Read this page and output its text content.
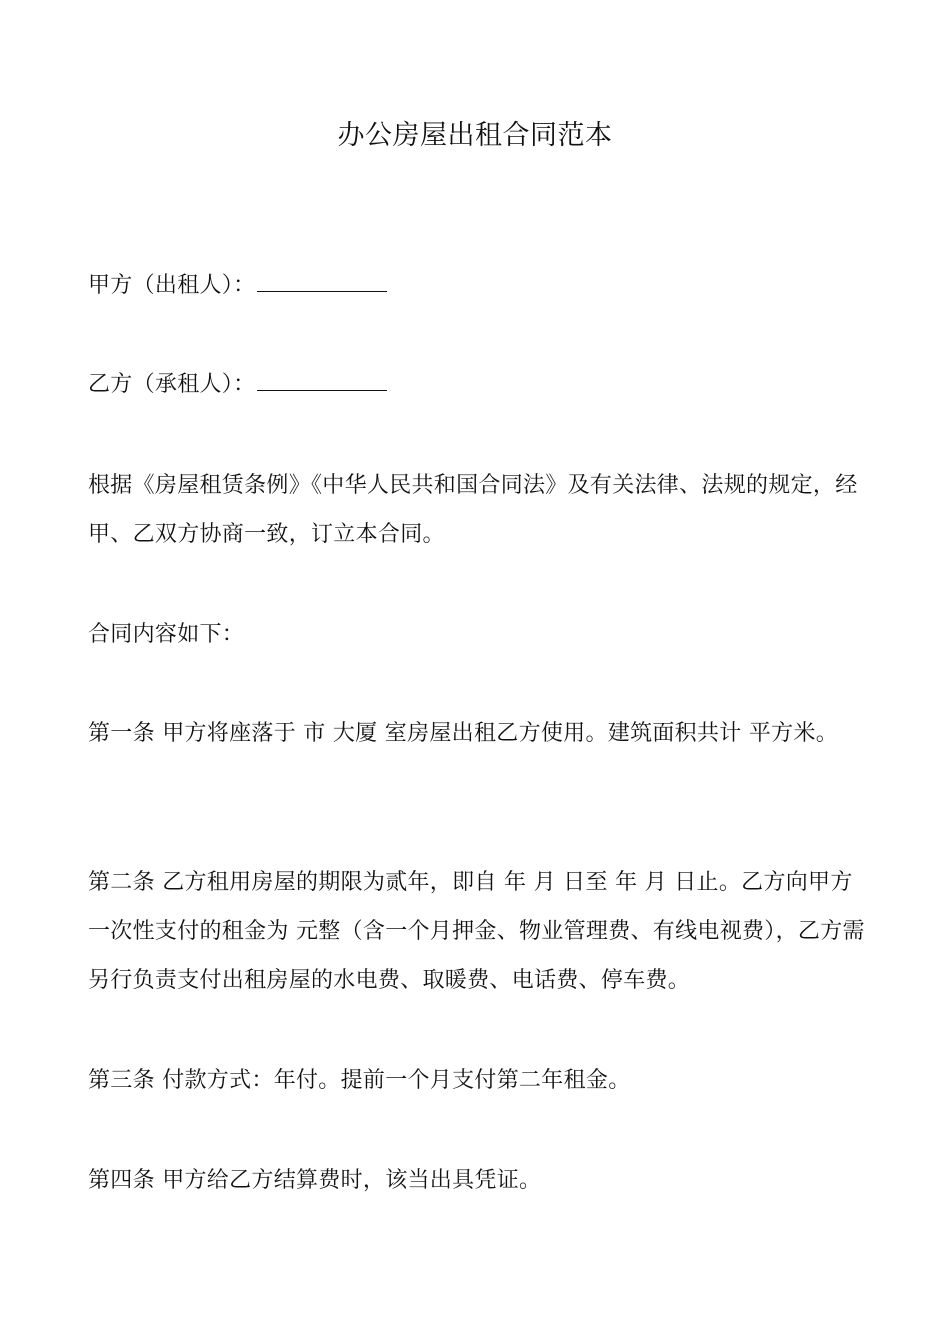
办公房屋出租合同范本
甲方（出租人）：
乙方（承租人）：
根据《房屋租赁条例》《中华人民共和国合同法》及有关法律、法规的规定，经甲、乙双方协商一致，订立本合同。
合同内容如下：
第一条 甲方将座落于 市 大厦 室房屋出租乙方使用。建筑面积共计 平方米。
第二条 乙方租用房屋的期限为贰年，即自 年 月 日至 年 月 日止。乙方向甲方一次性支付的租金为 元整（含一个月押金、物业管理费、有线电视费），乙方需另行负责支付出租房屋的水电费、取暖费、电话费、停车费。
第三条 付款方式：年付。提前一个月支付第二年租金。
第四条 甲方给乙方结算费时，该当出具凭证。
